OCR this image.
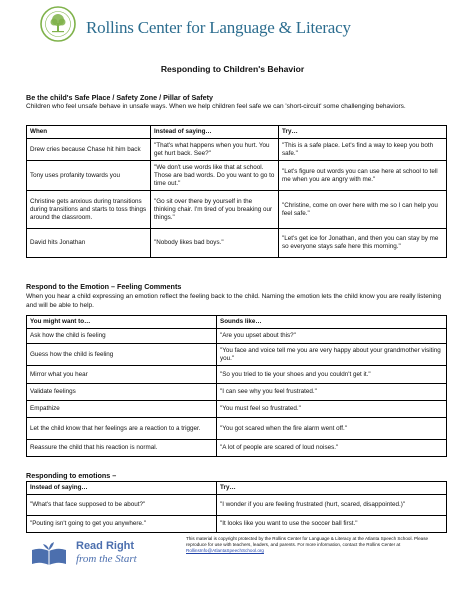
Rollins Center for Language & Literacy
Responding to Children's Behavior
Be the child's Safe Place / Safety Zone / Pillar of Safety
Children who feel unsafe behave in unsafe ways. When we help children feel safe we can 'short-circuit' some challenging behaviors.
When	Instead of saying…	Try…
Drew cries because Chase hit him back	"That's what happens when you hurt. You get hurt back. See?"	"This is a safe place. Let's find a way to keep you both safe."
Tony uses profanity towards you	"We don't use words like that at school. Those are bad words. Do you want to go to time out."	"Let's figure out words you can use here at school to tell me when you are angry with me."
Christine gets anxious during transitions during transitions and starts to toss things around the classroom.	"Go sit over there by yourself in the thinking chair. I'm tired of you breaking our things."	"Christine, come on over here with me so I can help you feel safe."
David hits Jonathan	"Nobody likes bad boys."	"Let's get ice for Jonathan, and then you can stay by me so everyone stays safe here this morning."
Respond to the Emotion – Feeling Comments
When you hear a child expressing an emotion reflect the feeling back to the child. Naming the emotion lets the child know you are really listening and will be able to help.
You might want to…	Sounds like…
Ask how the child is feeling	"Are you upset about this?"
Guess how the child is feeling	"You face and voice tell me you are very happy about your grandmother visiting you."
Mirror what you hear	"So you tried to tie your shoes and you couldn't get it."
Validate feelings	"I can see why you feel frustrated."
Empathize	"You must feel so frustrated."
Let the child know that her feelings are a reaction to a trigger.	"You got scared when the fire alarm went off."
Reassure the child that his reaction is normal.	"A lot of people are scared of loud noises."
Responding to emotions –
Instead of saying…	Try…
"What's that face supposed to be about?"	"I wonder if you are feeling frustrated (hurt, scared, disappointed.)"
"Pouting isn't going to get you anywhere."	"It looks like you want to use the soccer ball first."
Read Right
from the Start
This material is copyright protected by the Rollins Center for Language & Literacy at the Atlanta Speech School. Please reproduce for use with teachers, leaders, and parents. For more information, contact the Rollins Center at
RollinsInfo@AtlantaSpeechSchool.org
